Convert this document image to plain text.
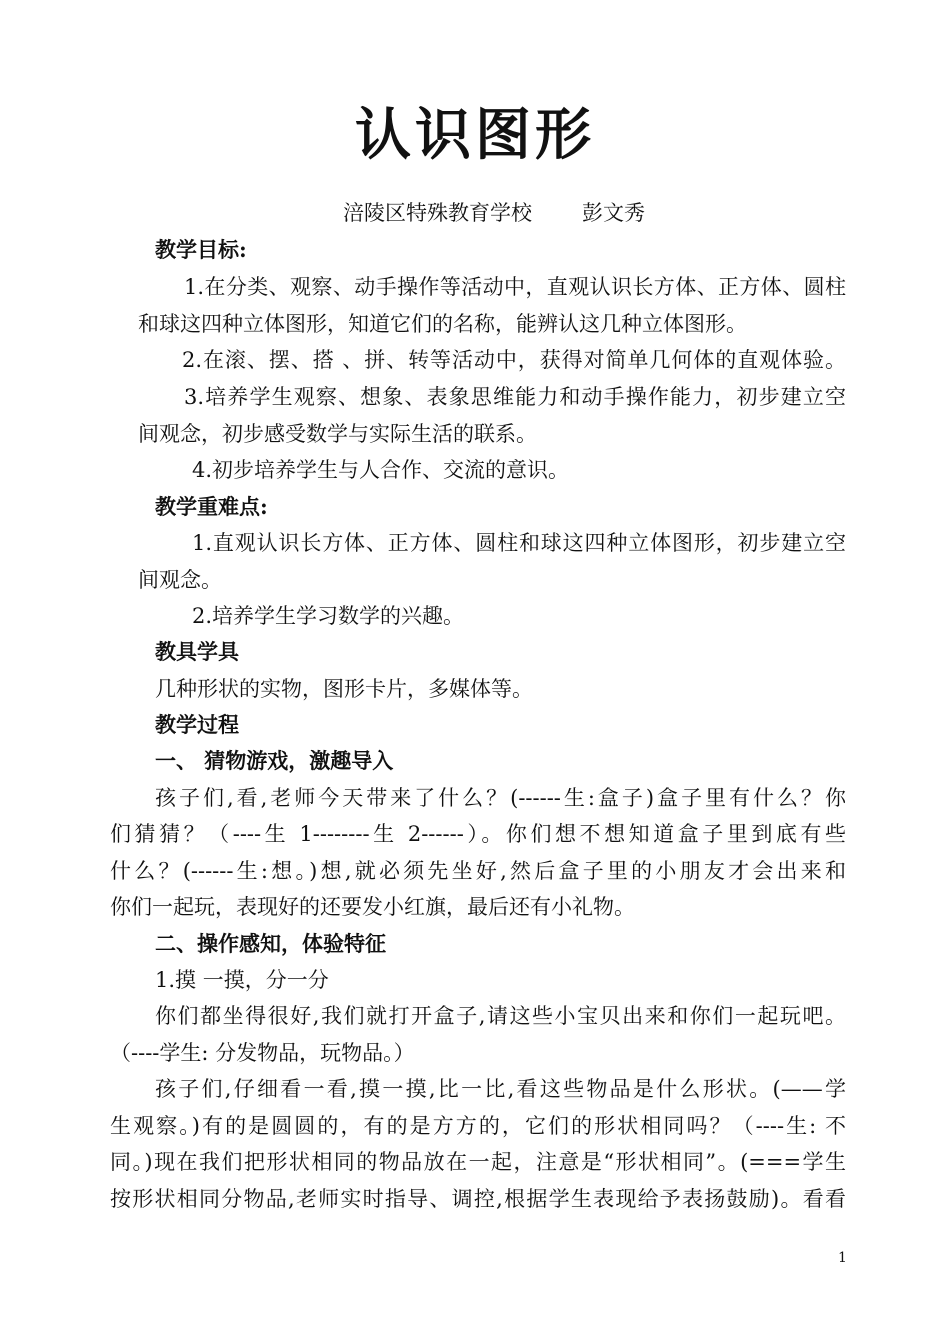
认识图形
涪陵区特殊教育学校 彭文秀
教学目标:
1.在分类、观察、动手操作等活动中，直观认识长方体、正方体、圆柱
和球这四种立体图形，知道它们的名称，能辨认这几种立体图形。
2.在滚、摆、搭 、拼、转等活动中，获得对简单几何体的直观体验。
3.培养学生观察、想象、表象思维能力和动手操作能力，初步建立空
间观念，初步感受数学与实际生活的联系。
4.初步培养学生与人合作、交流的意识。
教学重难点:
1.直观认识长方体、正方体、圆柱和球这四种立体图形，初步建立空
间观念。
2.培养学生学习数学的兴趣。
教具学具
几种形状的实物，图形卡片，多媒体等。
教学过程
一、 猜物游戏，激趣导入
孩子们,看,老师今天带来了什么？(------生:盒子)盒子里有什么？你
们猜猜？（----生 1--------生 2------）。你们想不想知道盒子里到底有些
什么？(------生:想。)想,就必须先坐好,然后盒子里的小朋友才会出来和
你们一起玩，表现好的还要发小红旗，最后还有小礼物。
二、操作感知，体验特征
1.摸 一摸，分一分
你们都坐得很好,我们就打开盒子,请这些小宝贝出来和你们一起玩吧。
（----学生: 分发物品，玩物品。）
孩子们,仔细看一看,摸一摸,比一比,看这些物品是什么形状。(——学
生观察。)有的是圆圆的，有的是方方的，它们的形状相同吗？（----生: 不
同。)现在我们把形状相同的物品放在一起，注意是“形状相同”。(===学生
按形状相同分物品,老师实时指导、调控,根据学生表现给予表扬鼓励)。看看
1
